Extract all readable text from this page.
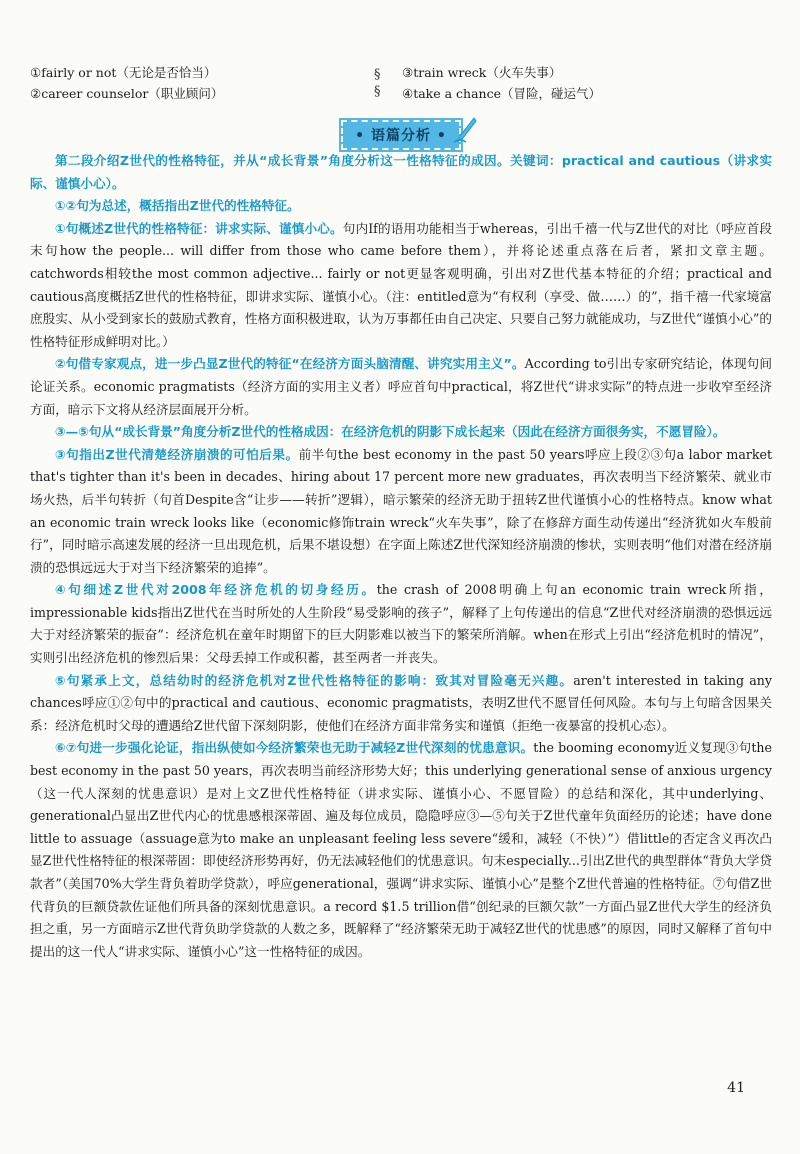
①fairly or not（无论是否恰当）
②career counselor（职业顾问）
§
§
③train wreck（火车失事）
④take a chance（冒险，碰运气）
• 语篇分析 •

第二段介绍Z世代的性格特征，并从“成长背景”角度分析这一性格特征的成因。关键词：practical and cautious（讲求实际、谨慎小心）。

①②句为总述，概括指出Z世代的性格特征。

①句概述Z世代的性格特征：讲求实际、谨慎小心。句内If的语用功能相当于whereas，引出千禧一代与Z世代的对比（呼应首段末句how the people... will differ from those who came before them），并将论述重点落在后者，紧扣文章主题。catchwords相较the most common adjective... fairly or not更显客观明确，引出对Z世代基本特征的介绍；practical and cautious高度概括Z世代的性格特征，即讲求实际、谨慎小心。（注：entitled意为“有权利（享受、做……）的”，指千禧一代家境富庶殷实、从小受到家长的鼓励式教育，性格方面积极进取，认为万事都任由自己决定、只要自己努力就能成功，与Z世代“谨慎小心”的性格特征形成鲜明对比。）

②句借专家观点，进一步凸显Z世代的特征“在经济方面头脑清醒、讲究实用主义”。According to引出专家研究结论，体现句间论证关系。economic pragmatists（经济方面的实用主义者）呼应首句中practical，将Z世代“讲求实际”的特点进一步收窄至经济方面，暗示下文将从经济层面展开分析。

③—⑤句从“成长背景”角度分析Z世代的性格成因：在经济危机的阴影下成长起来（因此在经济方面很务实，不愿冒险）。

③句指出Z世代清楚经济崩溃的可怕后果。前半句the best economy in the past 50 years呼应上段②③句a labor market that's tighter than it's been in decades、hiring about 17 percent more new graduates，再次表明当下经济繁荣、就业市场火热，后半句转折（句首Despite含“让步——转折”逻辑），暗示繁荣的经济无助于扭转Z世代谨慎小心的性格特点。know what an economic train wreck looks like（economic修饰train wreck“火车失事”，除了在修辞方面生动传递出“经济犹如火车般前行”，同时暗示高速发展的经济一旦出现危机，后果不堪设想）在字面上陈述Z世代深知经济崩溃的惨状，实则表明“他们对潜在经济崩溃的恐惧远远大于对当下经济繁荣的追捧”。

④句细述Z世代对2008年经济危机的切身经历。the crash of 2008明确上句an economic train wreck所指，impressionable kids指出Z世代在当时所处的人生阶段“易受影响的孩子”，解释了上句传递出的信息“Z世代对经济崩溃的恐惧远远大于对经济繁荣的振奋”：经济危机在童年时期留下的巨大阴影难以被当下的繁荣所消解。when在形式上引出“经济危机时的情况”，实则引出经济危机的惨烈后果：父母丢掉工作或积蓄，甚至两者一并丧失。

⑤句紧承上文，总结幼时的经济危机对Z世代性格特征的影响：致其对冒险毫无兴趣。aren't interested in taking any chances呼应①②句中的practical and cautious、economic pragmatists，表明Z世代不愿冒任何风险。本句与上句暗含因果关系：经济危机时父母的遭遇给Z世代留下深刻阴影，使他们在经济方面非常务实和谨慎（拒绝一夜暴富的投机心态）。

⑥⑦句进一步强化论证，指出纵使如今经济繁荣也无助于减轻Z世代深刻的忧患意识。the booming economy近义复现③句the best economy in the past 50 years，再次表明当前经济形势大好；this underlying generational sense of anxious urgency（这一代人深刻的忧患意识）是对上文Z世代性格特征（讲求实际、谨慎小心、不愿冒险）的总结和深化，其中underlying、generational凸显出Z世代内心的忧患感根深蒂固、遍及每位成员，隐隐呼应③—⑤句关于Z世代童年负面经历的论述；have done little to assuage（assuage意为to make an unpleasant feeling less severe“缓和，减轻（不快）”）借little的否定含义再次凸显Z世代性格特征的根深蒂固：即使经济形势再好，仍无法减轻他们的忧患意识。句末especially...引出Z世代的典型群体“背负大学贷款者”（美国70%大学生背负着助学贷款），呼应generational，强调“讲求实际、谨慎小心”是整个Z世代普遍的性格特征。⑦句借Z世代背负的巨额贷款佐证他们所具备的深刻忧患意识。a record $1.5 trillion借“创纪录的巨额欠款”一方面凸显Z世代大学生的经济负担之重，另一方面暗示Z世代背负助学贷款的人数之多，既解释了“经济繁荣无助于减轻Z世代的忧患感”的原因，同时又解释了首句中提出的这一代人“讲求实际、谨慎小心”这一性格特征的成因。

41
